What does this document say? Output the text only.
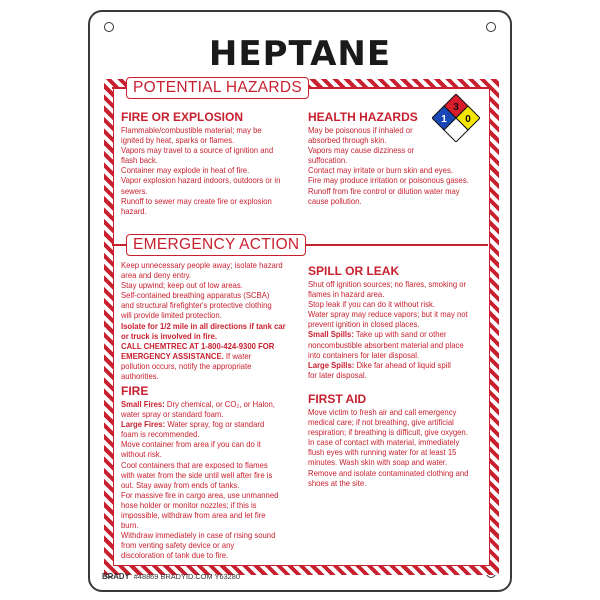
HEPTANE
POTENTIAL HAZARDS
FIRE OR EXPLOSION
Flammable/combustible material; may be
ignited by heat, sparks or flames.
Vapors may travel to a source of ignition and
flash back.
Container may explode in heat of fire.
Vapor explosion hazard indoors, outdoors or in
sewers.
Runoff to sewer may create fire or explosion
hazard.
HEALTH HAZARDS
May be poisonous if inhaled or
absorbed through skin.
Vapors may cause dizziness or
suffocation.
Contact may irritate or burn skin and eyes.
Fire may produce irritation or poisonous gases.
Runoff from fire control or dilution water may
cause pollution.
3
1 0
EMERGENCY ACTION
Keep unnecessary people away; isolate hazard
area and deny entry.
Stay upwind; keep out of low areas.
Self-contained breathing apparatus (SCBA)
and structural firefighter's protective clothing
will provide limited protection.
Isolate for 1/2 mile in all directions if tank car
or truck is involved in fire.
CALL CHEMTREC AT 1-800-424-9300 FOR
EMERGENCY ASSISTANCE. If water
pollution occurs, notify the appropriate
authorities.
FIRE
Small Fires: Dry chemical, or CO₂, or Halon,
water spray or standard foam.
Large Fires: Water spray, fog or standard
foam is recommended.
Move container from area if you can do it
without risk.
Cool containers that are exposed to flames
with water from the side until well after fire is
out. Stay away from ends of tanks.
For massive fire in cargo area, use unmanned
hose holder or monitor nozzles; if this is
impossible, withdraw from area and let fire
burn.
Withdraw immediately in case of rising sound
from venting safety device or any
discoloration of tank due to fire.
SPILL OR LEAK
Shut off ignition sources; no flares, smoking or
flames in hazard area.
Stop leak if you can do it without risk.
Water spray may reduce vapors; but it may not
prevent ignition in closed places.
Small Spills: Take up with sand or other
noncombustible absorbent material and place
into containers for later disposal.
Large Spills: Dike far ahead of liquid spill
for later disposal.
FIRST AID
Move victim to fresh air and call emergency
medical care; if not breathing, give artificial
respiration; if breathing is difficult, give oxygen.
In case of contact with material, immediately
flush eyes with running water for at least 15
minutes. Wash skin with soap and water.
Remove and isolate contaminated clothing and
shoes at the site.
BRADY #48869 BRADYID.COM Y63280
